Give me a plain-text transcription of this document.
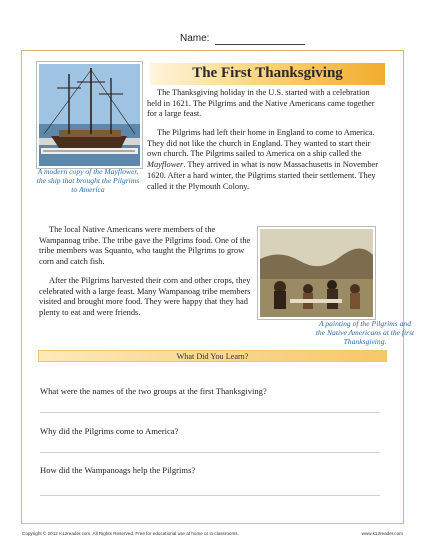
Name:
A modern copy of the Mayflower, the ship that brought the Pilgrims to America
The First Thanksgiving
The Thanksgiving holiday in the U.S. started with a celebration held in 1621. The Pilgrims and the Native Americans came together for a large feast.
The Pilgrims had left their home in England to come to America. They did not like the church in England. They wanted to start their own church. The Pilgrims sailed to America on a ship called the Mayflower. They arrived in what is now Massachusetts in November 1620. After a hard winter, the Pilgrims started their settlement. They called it the Plymouth Colony.
The local Native Americans were members of the Wampanoag tribe. The tribe gave the Pilgrims food. One of the tribe members was Squanto, who taught the Pilgrims to grow corn and catch fish.
After the Pilgrims harvested their corn and other crops, they celebrated with a large feast. Many Wampanoag tribe members visited and brought more food. They were happy that they had plenty to eat and were friends.
A painting of the Pilgrims and the Native Americans at the first Thanksgiving.
What Did You Learn?
What were the names of the two groups at the first Thanksgiving?
Why did the Pilgrims come to America?
How did the Wampanoags help the Pilgrims?
Copyright © 2012 K12reader.com. All Rights Reserved. Free for educational use at home or in classrooms.	www.k12reader.com
